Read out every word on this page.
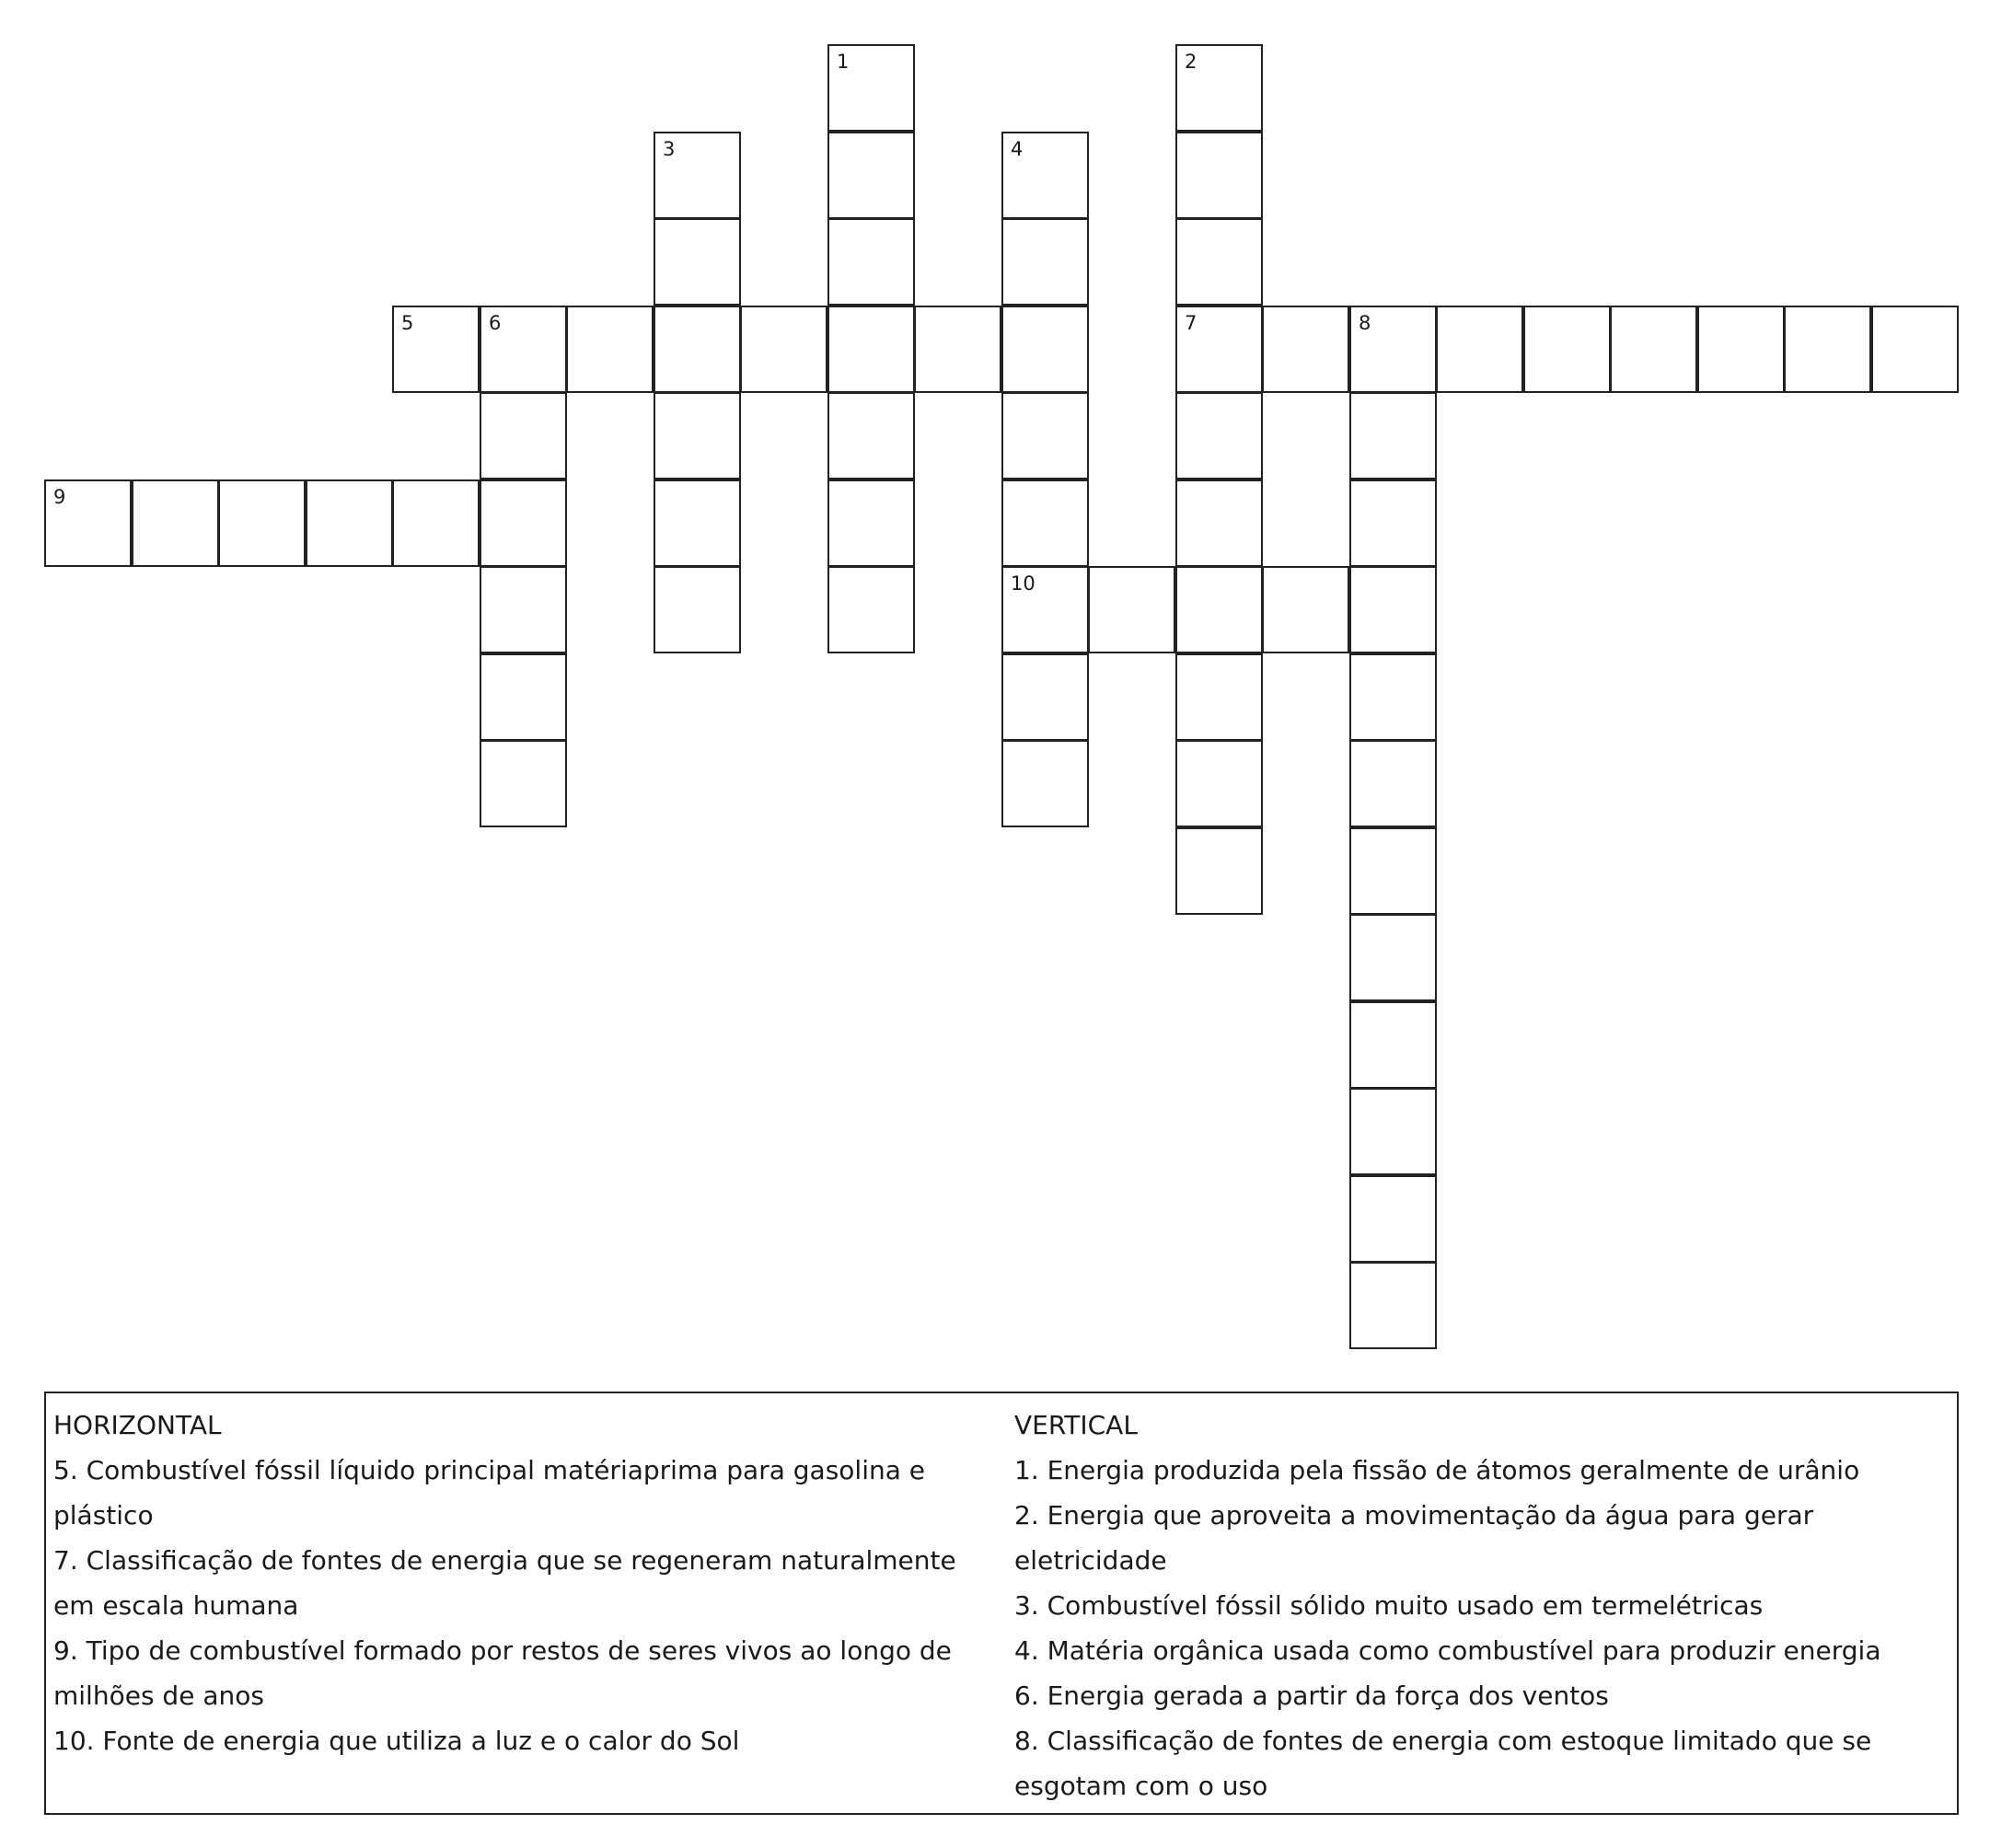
1	2
7
3	4
10
5	6	8
9
HORIZONTAL
5. Combustível fóssil líquido principal matériaprima para gasolina e plástico
7. Classificação de fontes de energia que se regeneram naturalmente em escala humana
9. Tipo de combustível formado por restos de seres vivos ao longo de milhões de anos
10. Fonte de energia que utiliza a luz e o calor do Sol
VERTICAL
1. Energia produzida pela fissão de átomos geralmente de urânio
2. Energia que aproveita a movimentação da água para gerar eletricidade
3. Combustível fóssil sólido muito usado em termelétricas
4. Matéria orgânica usada como combustível para produzir energia
6. Energia gerada a partir da força dos ventos
8. Classificação de fontes de energia com estoque limitado que se esgotam com o uso
